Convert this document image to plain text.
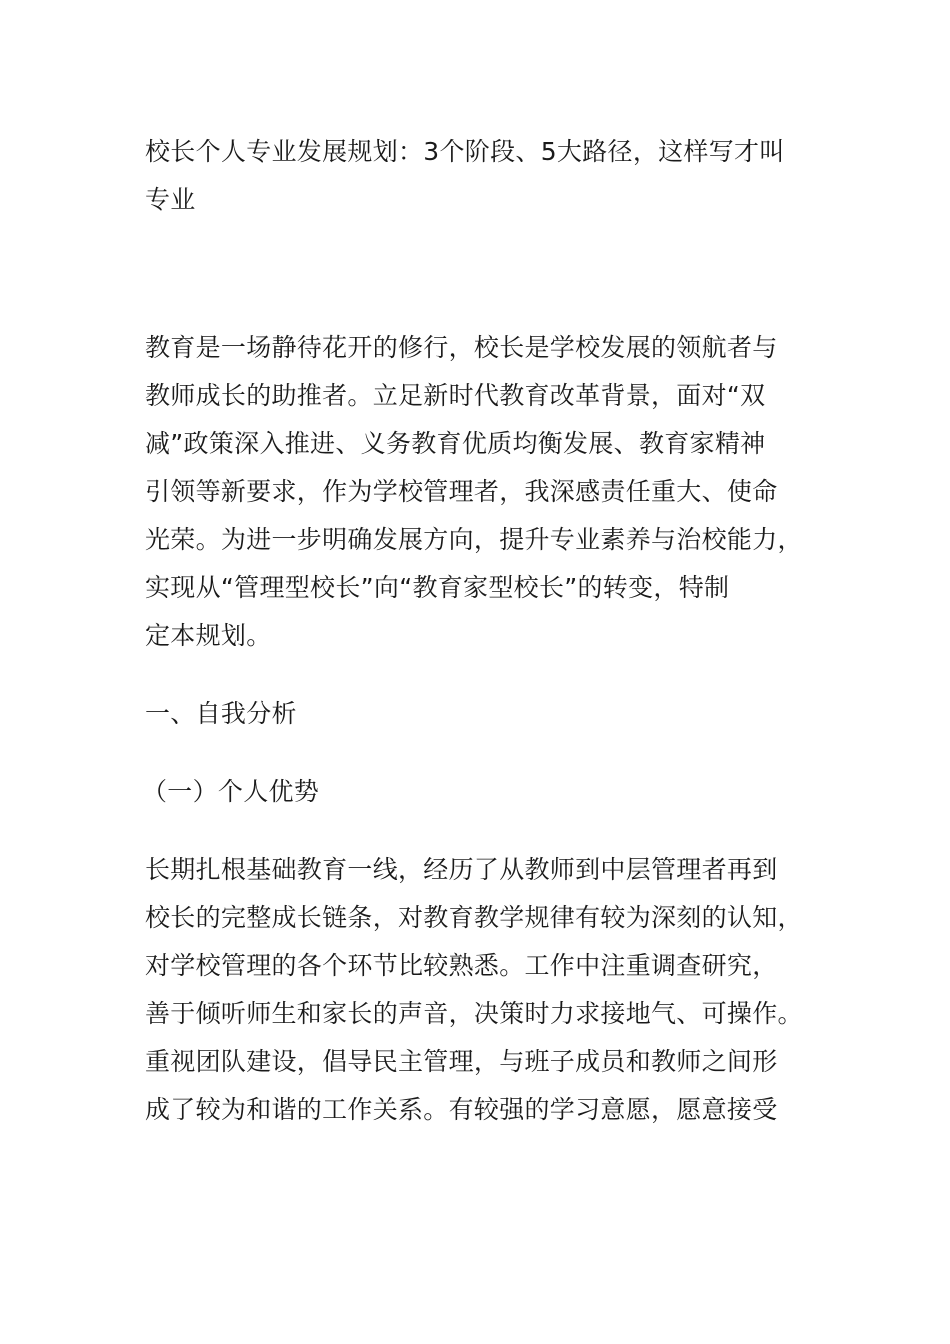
校长个人专业发展规划：3个阶段、5大路径，这样写才叫
专业
教育是一场静待花开的修行，校长是学校发展的领航者与
教师成长的助推者。立足新时代教育改革背景，面对“双
减”政策深入推进、义务教育优质均衡发展、教育家精神
引领等新要求，作为学校管理者，我深感责任重大、使命
光荣。为进一步明确发展方向，提升专业素养与治校能力，
实现从“管理型校长”向“教育家型校长”的转变，特制
定本规划。
一、自我分析
（一）个人优势
长期扎根基础教育一线，经历了从教师到中层管理者再到
校长的完整成长链条，对教育教学规律有较为深刻的认知，
对学校管理的各个环节比较熟悉。工作中注重调查研究，
善于倾听师生和家长的声音，决策时力求接地气、可操作。
重视团队建设，倡导民主管理，与班子成员和教师之间形
成了较为和谐的工作关系。有较强的学习意愿，愿意接受
